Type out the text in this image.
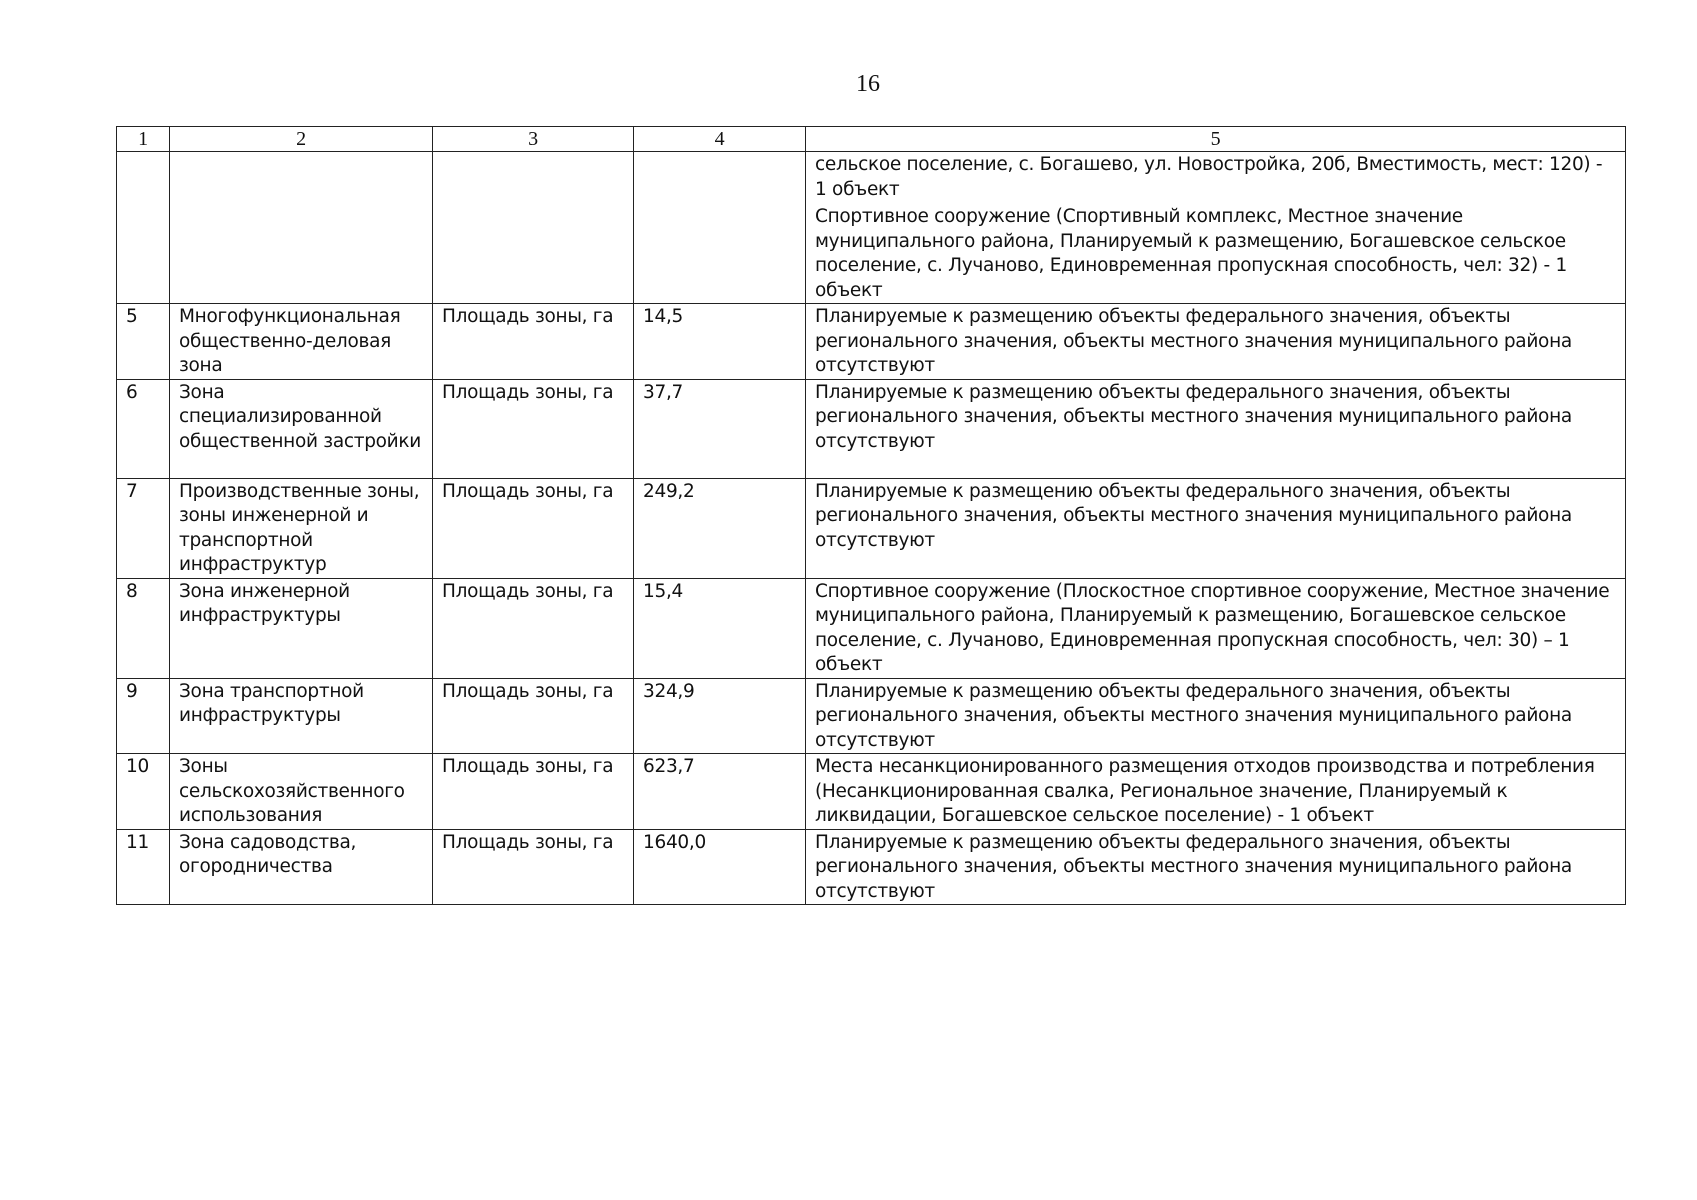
16
1	2	3	4	5

				сельское поселение, с. Богашево, ул. Новостройка, 20б, Вместимость, мест: 120) - 1 объект
Спортивное сооружение (Спортивный комплекс, Местное значение муниципального района, Планируемый к размещению, Богашевское сельское поселение, с. Лучаново, Единовременная пропускная способность, чел: 32) - 1 объект

5	Многофункциональная общественно-деловая зона	Площадь зоны, га	14,5	Планируемые к размещению объекты федерального значения, объекты регионального значения, объекты местного значения муниципального района отсутствуют
6	Зона специализированной общественной застройки	Площадь зоны, га	37,7	Планируемые к размещению объекты федерального значения, объекты регионального значения, объекты местного значения муниципального района отсутствуют
7	Производственные зоны, зоны инженерной и транспортной инфраструктур	Площадь зоны, га	249,2	Планируемые к размещению объекты федерального значения, объекты регионального значения, объекты местного значения муниципального района отсутствуют
8	Зона инженерной инфраструктуры	Площадь зоны, га	15,4	Спортивное сооружение (Плоскостное спортивное сооружение, Местное значение муниципального района, Планируемый к размещению, Богашевское сельское поселение, с. Лучаново, Единовременная пропускная способность, чел: 30) – 1 объект
9	Зона транспортной инфраструктуры	Площадь зоны, га	324,9	Планируемые к размещению объекты федерального значения, объекты регионального значения, объекты местного значения муниципального района отсутствуют
10	Зоны сельскохозяйственного использования	Площадь зоны, га	623,7	Места несанкционированного размещения отходов производства и потребления (Несанкционированная свалка, Региональное значение, Планируемый к ликвидации, Богашевское сельское поселение) - 1 объект
11	Зона садоводства, огородничества	Площадь зоны, га	1640,0	Планируемые к размещению объекты федерального значения, объекты регионального значения, объекты местного значения муниципального района отсутствуют
